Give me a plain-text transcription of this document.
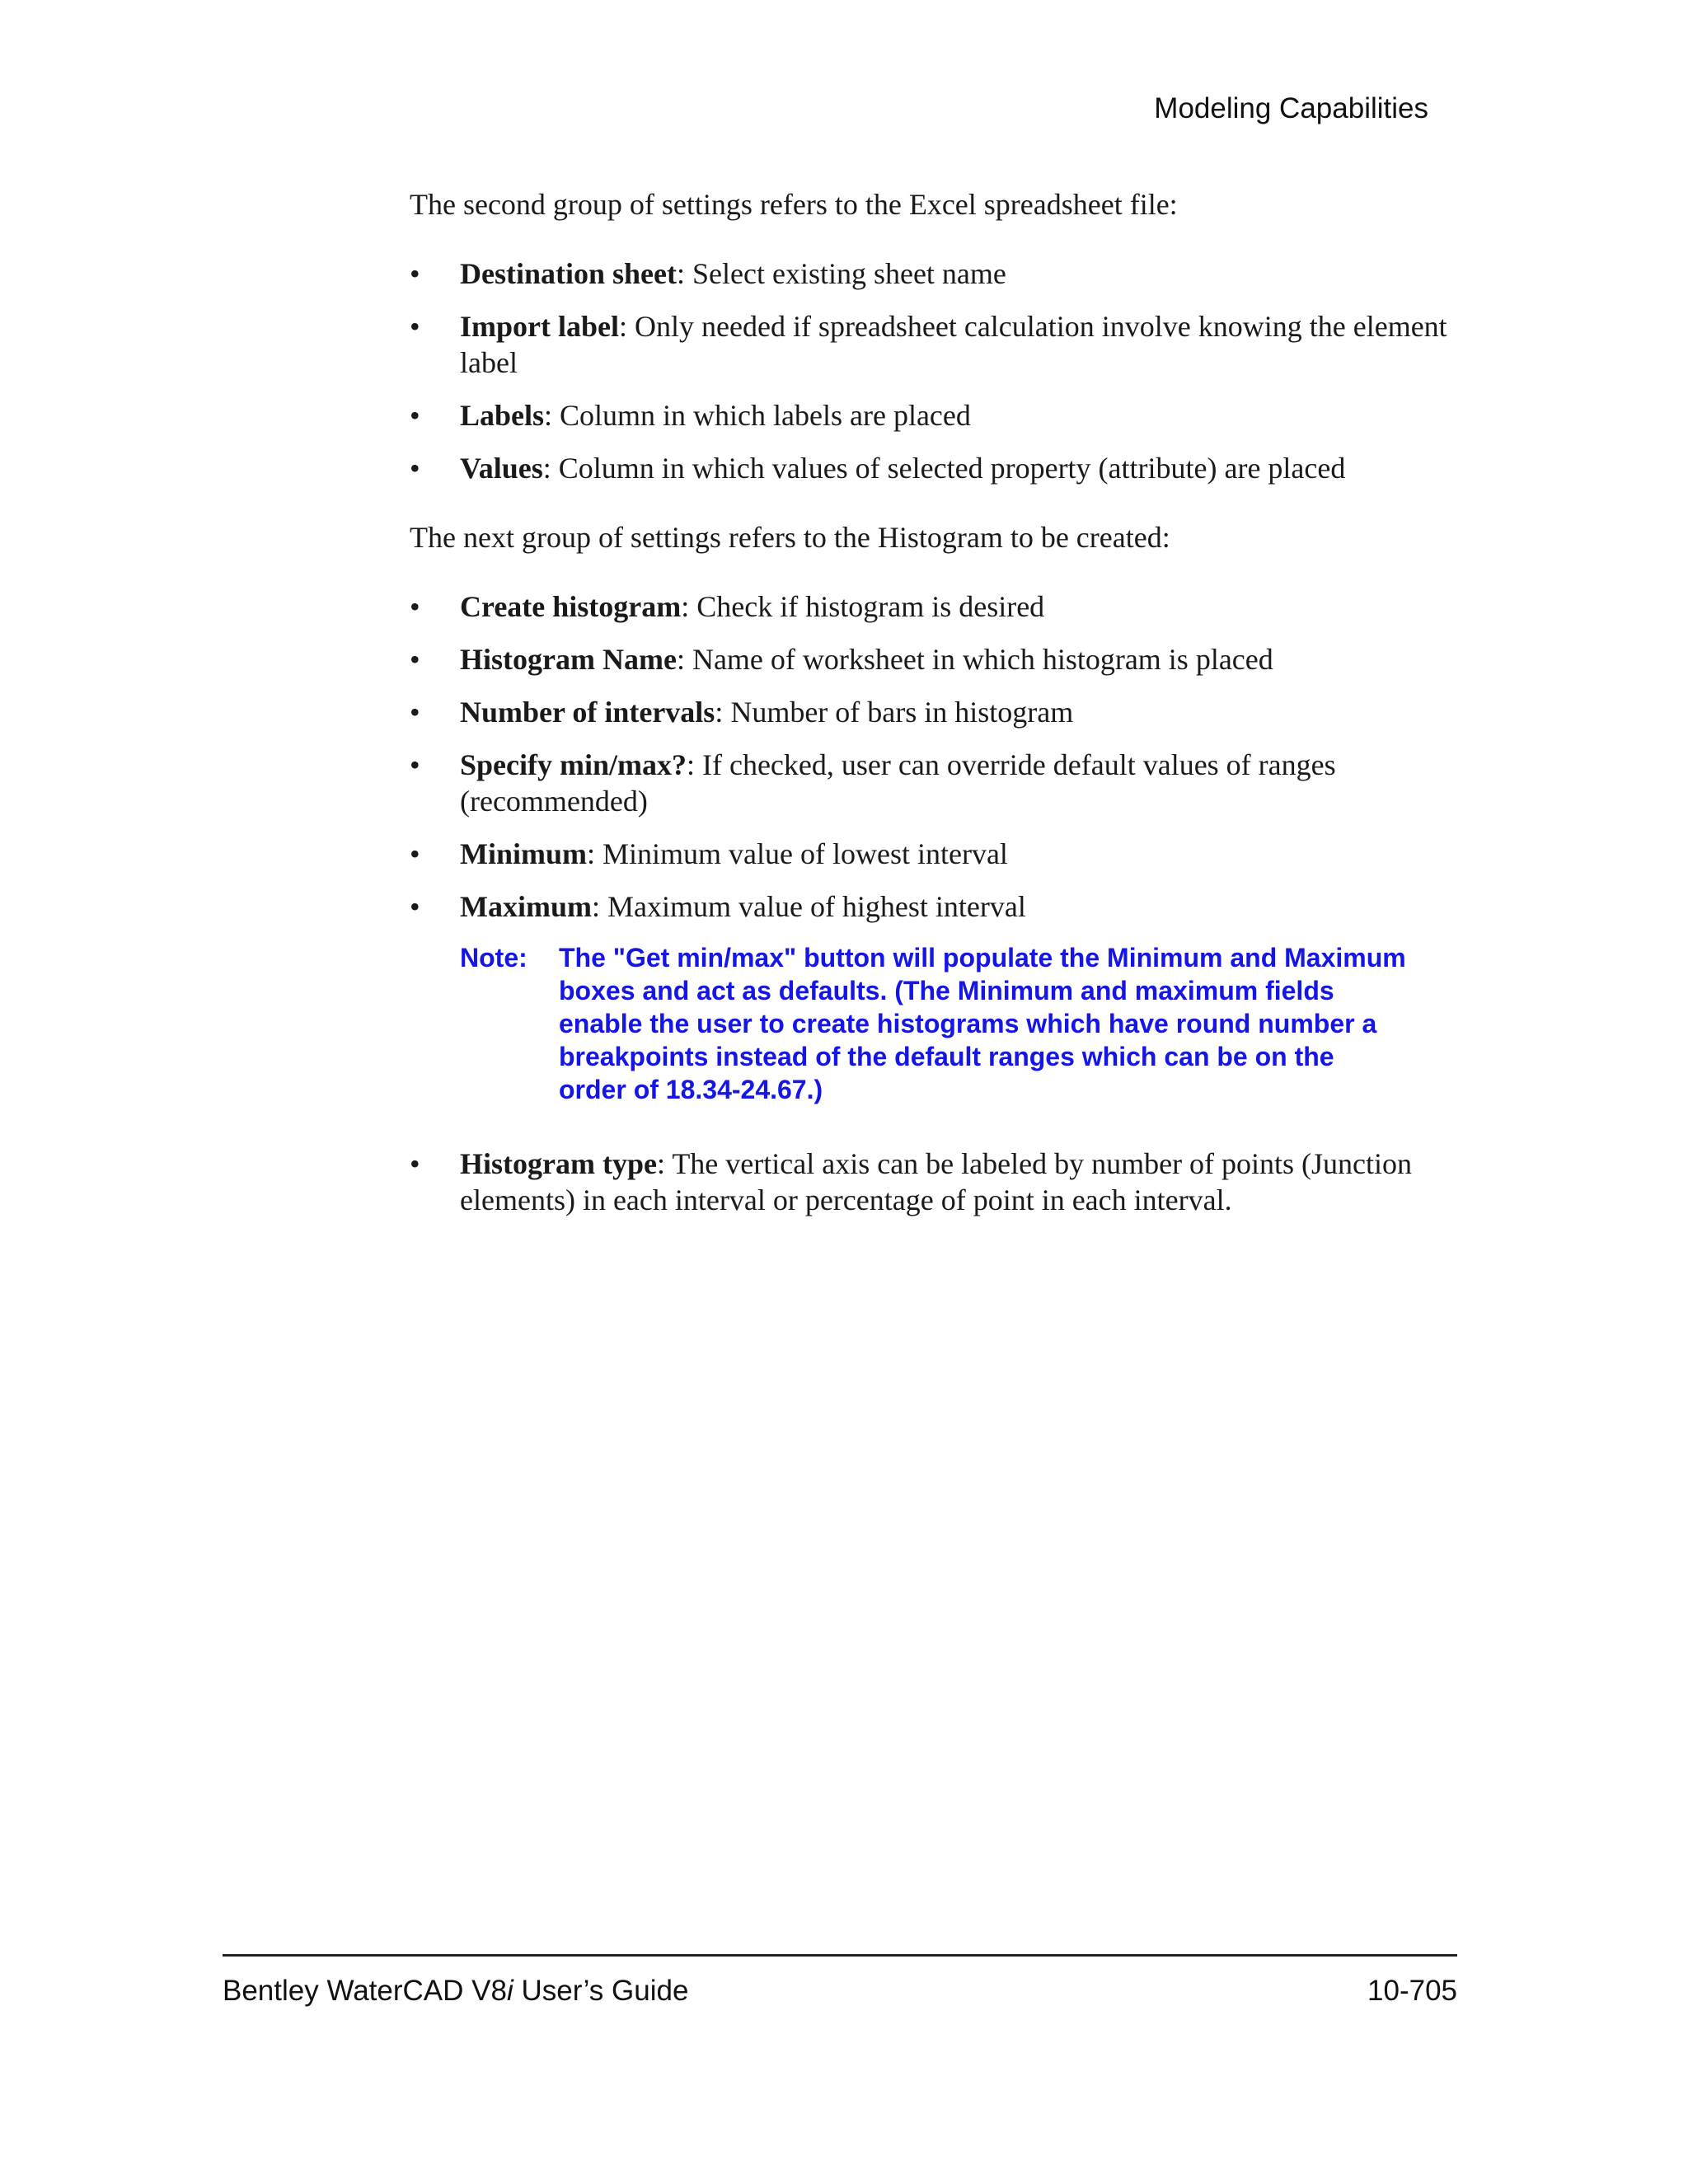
Modeling Capabilities

The second group of settings refers to the Excel spreadsheet file:

• Destination sheet: Select existing sheet name
• Import label: Only needed if spreadsheet calculation involve knowing the element label
• Labels: Column in which labels are placed
• Values: Column in which values of selected property (attribute) are placed

The next group of settings refers to the Histogram to be created:

• Create histogram: Check if histogram is desired
• Histogram Name: Name of worksheet in which histogram is placed
• Number of intervals: Number of bars in histogram
• Specify min/max?: If checked, user can override default values of ranges (recommended)
• Minimum: Minimum value of lowest interval
• Maximum: Maximum value of highest interval
Note:	The "Get min/max" button will populate the Minimum and Maximum boxes and act as defaults. (The Minimum and maximum fields enable the user to create histograms which have round number a breakpoints instead of the default ranges which can be on the order of 18.34-24.67.)
• Histogram type: The vertical axis can be labeled by number of points (Junction elements) in each interval or percentage of point in each interval.
Bentley WaterCAD V8i User’s Guide	10-705
